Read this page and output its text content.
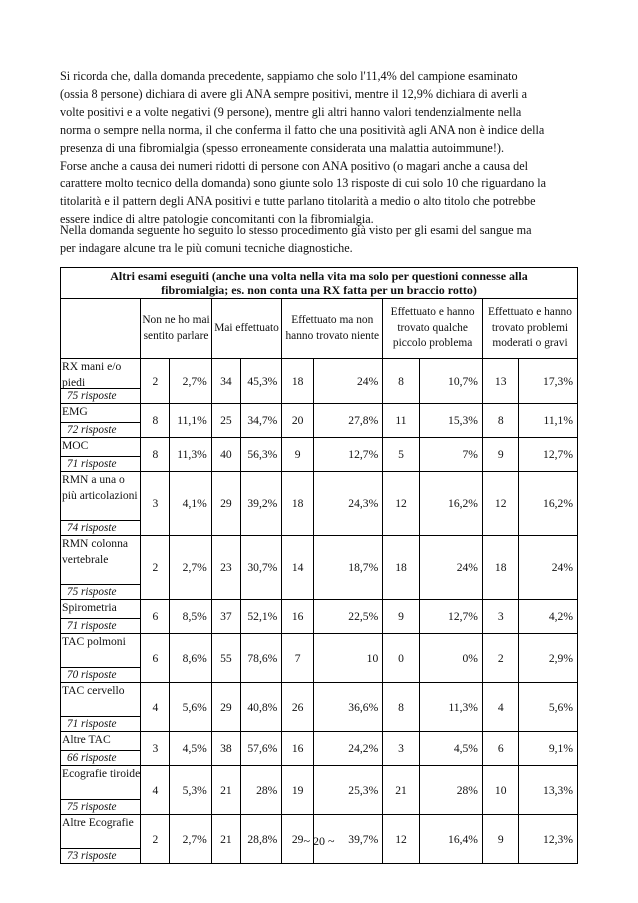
Si ricorda che, dalla domanda precedente, sappiamo che solo l'11,4% del campione esaminato
(ossia 8 persone) dichiara di avere gli ANA sempre positivi, mentre il 12,9% dichiara di averli a
volte positivi e a volte negativi (9 persone), mentre gli altri hanno valori tendenzialmente nella
norma o sempre nella norma, il che conferma il fatto che una positività agli ANA non è indice della
presenza di una fibromialgia (spesso erroneamente considerata una malattia autoimmune!).
Forse anche a causa dei numeri ridotti di persone con ANA positivo (o magari anche a causa del
carattere molto tecnico della domanda) sono giunte solo 13 risposte di cui solo 10 che riguardano la
titolarità e il pattern degli ANA positivi e tutte parlano titolarità a medio o alto titolo che potrebbe
essere indice di altre patologie concomitanti con la fibromialgia.

Nella domanda seguente ho seguito lo stesso procedimento già visto per gli esami del sangue ma
per indagare alcune tra le più comuni tecniche diagnostiche.

Altri esami eseguiti (anche una volta nella vita ma solo per questioni connesse alla
fibromialgia; es. non conta una RX fatta per un braccio rotto)										

	Non ne ho mai sentito parlare		Mai effettuato		Effettuato ma non hanno trovato niente		Effettuato e hanno trovato qualche piccolo problema		Effettuato e hanno trovato problemi moderati o gravi	

RX mani e/o piedi
75 risposte	2	2,7%	34	45,3%	18	24%	8	10,7%	13	17,3%

EMG
72 risposte	8	11,1%	25	34,7%	20	27,8%	11	15,3%	8	11,1%

MOC
71 risposte	8	11,3%	40	56,3%	9	12,7%	5	7%	9	12,7%

RMN a una o più articolazioni
74 risposte	3	4,1%	29	39,2%	18	24,3%	12	16,2%	12	16,2%

RMN colonna vertebrale
75 risposte	2	2,7%	23	30,7%	14	18,7%	18	24%	18	24%

Spirometria
71 risposte	6	8,5%	37	52,1%	16	22,5%	9	12,7%	3	4,2%

TAC polmoni
70 risposte	6	8,6%	55	78,6%	7	10	0	0%	2	2,9%

TAC cervello
71 risposte	4	5,6%	29	40,8%	26	36,6%	8	11,3%	4	5,6%

Altre TAC
66 risposte	3	4,5%	38	57,6%	16	24,2%	3	4,5%	6	9,1%

Ecografie tiroide
75 risposte	4	5,3%	21	28%	19	25,3%	21	28%	10	13,3%

Altre Ecografie
73 risposte	2	2,7%	21	28,8%	29	39,7%	12	16,4%	9	12,3%
~ 20 ~
